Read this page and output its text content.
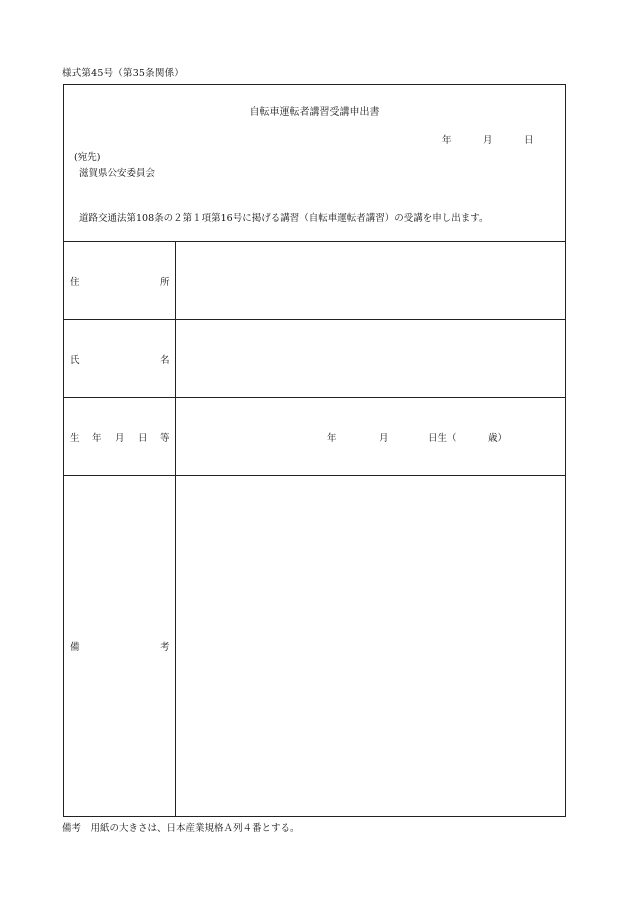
様式第45号（第35条関係）
自転車運転者講習受講申出書
年	月	日
(宛先)
滋賀県公安委員会
道路交通法第108条の２第１項第16号に掲げる講習（自転車運転者講習）の受講を申し出ます。
住	所
氏	名
生 年 月 日 等	年	月	日生（	歳）
備	考
備考　用紙の大きさは、日本産業規格Ａ列４番とする。
